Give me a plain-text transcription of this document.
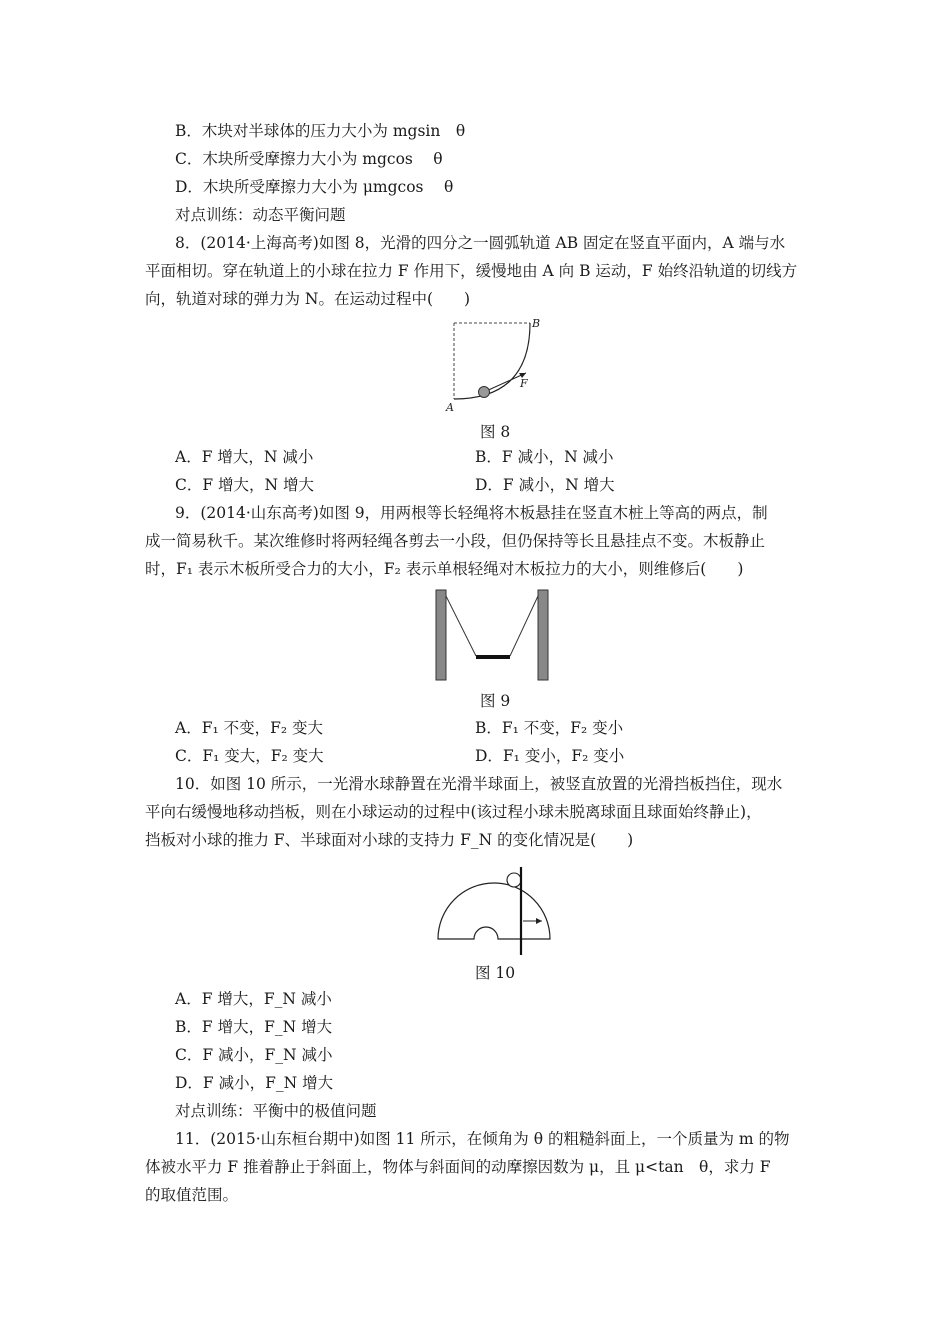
B．木块对半球体的压力大小为 mgsin　θ
C．木块所受摩擦力大小为 mgcos　 θ
D．木块所受摩擦力大小为 μmgcos　 θ
对点训练：动态平衡问题
8．(2014·上海高考)如图 8，光滑的四分之一圆弧轨道 AB 固定在竖直平面内，A 端与水
平面相切。穿在轨道上的小球在拉力 F 作用下，缓慢地由 A 向 B 运动，F 始终沿轨道的切线方
向，轨道对球的弹力为 N。在运动过程中(　　)
A
B
F
图 8
A．F 增大，N 减小	B．F 减小，N 减小
C．F 增大，N 增大	D．F 减小，N 增大
9．(2014·山东高考)如图 9，用两根等长轻绳将木板悬挂在竖直木桩上等高的两点，制
成一简易秋千。某次维修时将两轻绳各剪去一小段，但仍保持等长且悬挂点不变。木板静止
时，F₁ 表示木板所受合力的大小，F₂ 表示单根轻绳对木板拉力的大小，则维修后(　　)
图 9
A．F₁ 不变，F₂ 变大	B．F₁ 不变，F₂ 变小
C．F₁ 变大，F₂ 变大	D．F₁ 变小，F₂ 变小
10．如图 10 所示，一光滑水球静置在光滑半球面上，被竖直放置的光滑挡板挡住，现水
平向右缓慢地移动挡板，则在小球运动的过程中(该过程小球未脱离球面且球面始终静止)，
挡板对小球的推力 F、半球面对小球的支持力 F_N 的变化情况是(　　)
图 10
A．F 增大，F_N 减小
B．F 增大，F_N 增大
C．F 减小，F_N 减小
D．F 减小，F_N 增大
对点训练：平衡中的极值问题
11．(2015·山东桓台期中)如图 11 所示，在倾角为 θ 的粗糙斜面上，一个质量为 m 的物
体被水平力 F 推着静止于斜面上，物体与斜面间的动摩擦因数为 μ，且 μ<tan　θ，求力 F
的取值范围。
